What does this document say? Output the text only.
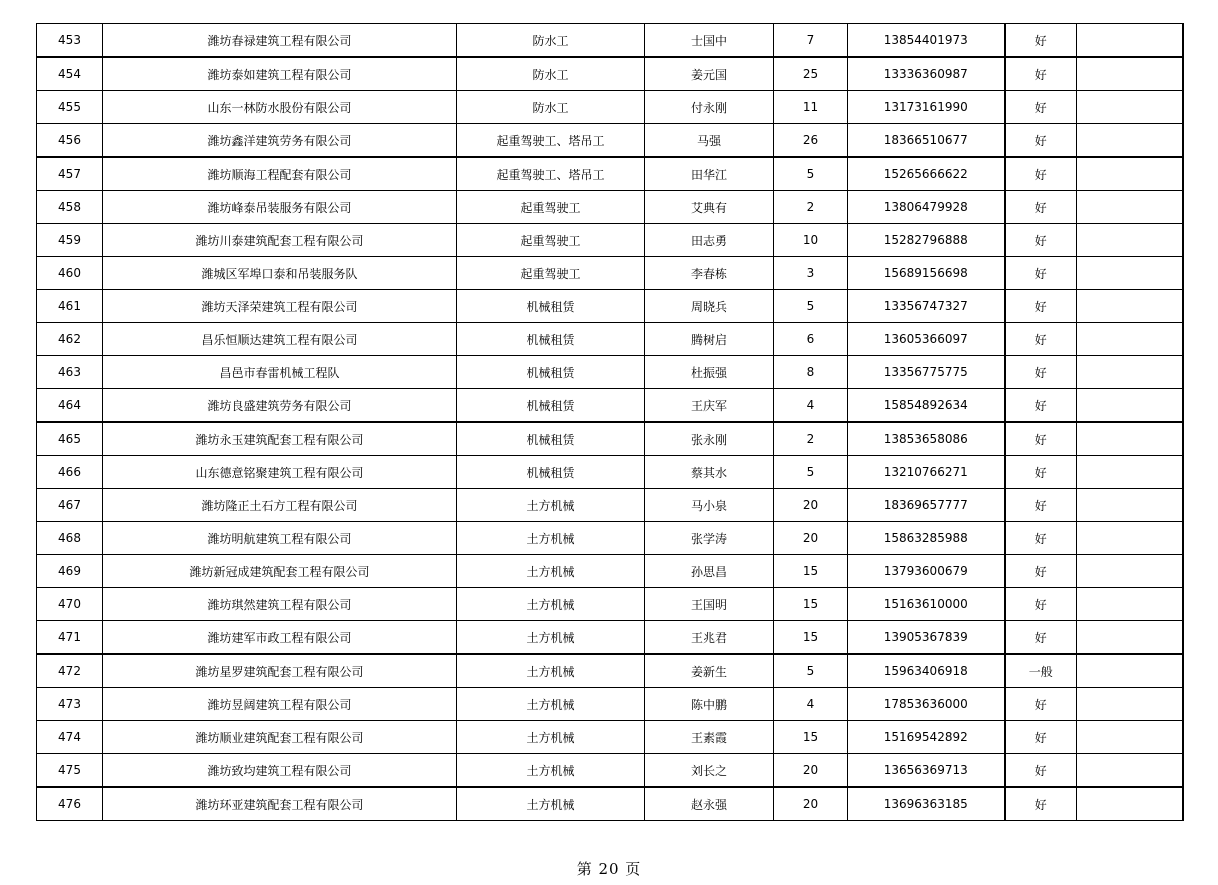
453	潍坊春禄建筑工程有限公司	防水工	士国中	7	13854401973	好	
454	潍坊泰如建筑工程有限公司	防水工	姜元国	25	13336360987	好	
455	山东一林防水股份有限公司	防水工	付永刚	11	13173161990	好	
456	潍坊鑫洋建筑劳务有限公司	起重驾驶工、塔吊工	马强	26	18366510677	好	
457	潍坊顺海工程配套有限公司	起重驾驶工、塔吊工	田华江	5	15265666622	好	
458	潍坊峰泰吊装服务有限公司	起重驾驶工	艾典有	2	13806479928	好	
459	潍坊川泰建筑配套工程有限公司	起重驾驶工	田志勇	10	15282796888	好	
460	潍城区军埠口泰和吊装服务队	起重驾驶工	李春栋	3	15689156698	好	
461	潍坊天泽荣建筑工程有限公司	机械租赁	周晓兵	5	13356747327	好	
462	昌乐恒顺达建筑工程有限公司	机械租赁	腾树启	6	13605366097	好	
463	昌邑市春雷机械工程队	机械租赁	杜振强	8	13356775775	好	
464	潍坊良盛建筑劳务有限公司	机械租赁	王庆军	4	15854892634	好	
465	潍坊永玉建筑配套工程有限公司	机械租赁	张永刚	2	13853658086	好	
466	山东德意铭聚建筑工程有限公司	机械租赁	蔡其水	5	13210766271	好	
467	潍坊隆正土石方工程有限公司	土方机械	马小泉	20	18369657777	好	
468	潍坊明航建筑工程有限公司	土方机械	张学涛	20	15863285988	好	
469	潍坊新冠成建筑配套工程有限公司	土方机械	孙思昌	15	13793600679	好	
470	潍坊琪然建筑工程有限公司	土方机械	王国明	15	15163610000	好	
471	潍坊建军市政工程有限公司	土方机械	王兆君	15	13905367839	好	
472	潍坊星罗建筑配套工程有限公司	土方机械	姜新生	5	15963406918	一般	
473	潍坊昱阔建筑工程有限公司	土方机械	陈中鹏	4	17853636000	好	
474	潍坊顺业建筑配套工程有限公司	土方机械	王素霞	15	15169542892	好	
475	潍坊致均建筑工程有限公司	土方机械	刘长之	20	13656369713	好	
476	潍坊环亚建筑配套工程有限公司	土方机械	赵永强	20	13696363185	好	
第 20 页
